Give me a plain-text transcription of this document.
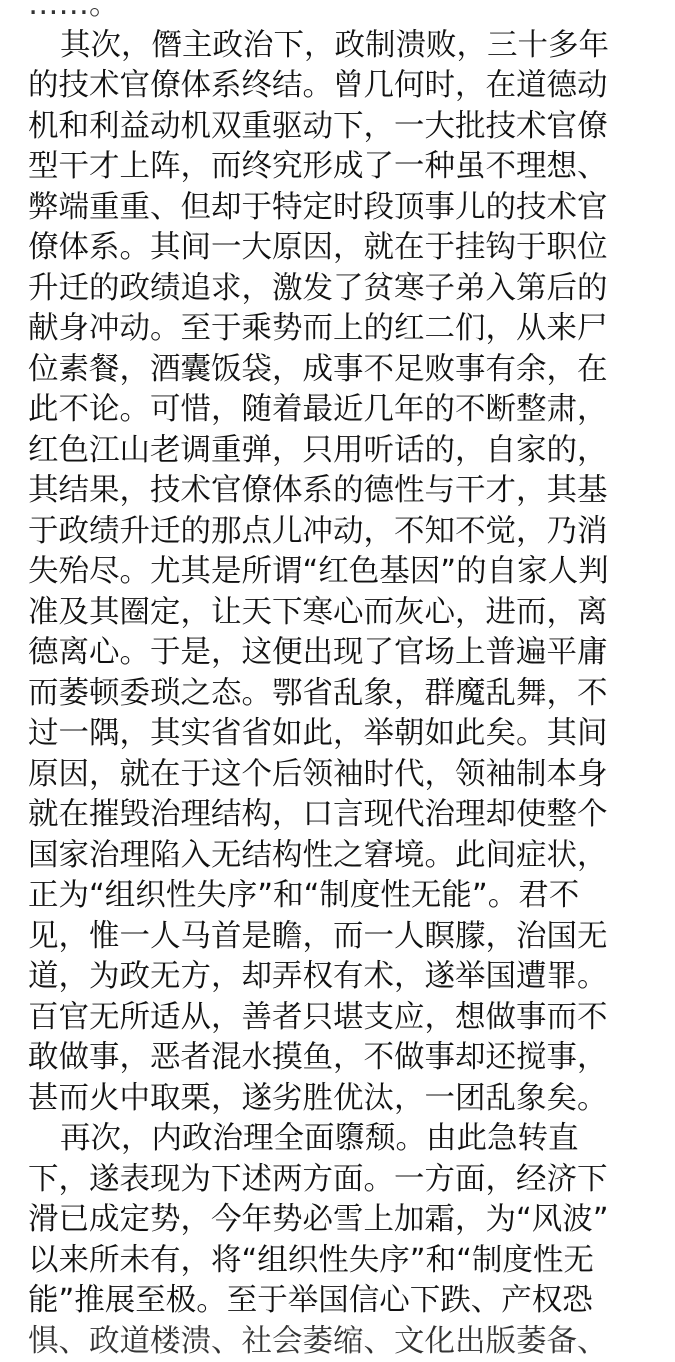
……。
其次，僭主政治下，政制溃败，三十多年
的技术官僚体系终结。曾几何时，在道德动
机和利益动机双重驱动下，一大批技术官僚
型干才上阵，而终究形成了一种虽不理想、
弊端重重、但却于特定时段顶事儿的技术官
僚体系。其间一大原因，就在于挂钩于职位
升迁的政绩追求，激发了贫寒子弟入第后的
献身冲动。至于乘势而上的红二们，从来尸
位素餐，酒囊饭袋，成事不足败事有余，在
此不论。可惜，随着最近几年的不断整肃，
红色江山老调重弹，只用听话的，自家的，
其结果，技术官僚体系的德性与干才，其基
于政绩升迁的那点儿冲动，不知不觉，乃消
失殆尽。尤其是所谓“红色基因”的自家人判
准及其圈定，让天下寒心而灰心，进而，离
德离心。于是，这便出现了官场上普遍平庸
而萎顿委琐之态。鄂省乱象，群魔乱舞，不
过一隅，其实省省如此，举朝如此矣。其间
原因，就在于这个后领袖时代，领袖制本身
就在摧毁治理结构，口言现代治理却使整个
国家治理陷入无结构性之窘境。此间症状，
正为“组织性失序”和“制度性无能”。君不
见，惟一人马首是瞻，而一人瞑朦，治国无
道，为政无方，却弄权有术，遂举国遭罪。
百官无所适从，善者只堪支应，想做事而不
敢做事，恶者混水摸鱼，不做事却还搅事，
甚而火中取栗，遂劣胜优汰，一团乱象矣。
再次，内政治理全面隳颓。由此急转直
下，遂表现为下述两方面。一方面，经济下
滑已成定势，今年势必雪上加霜，为“风波”
以来所未有，将“组织性失序”和“制度性无
能”推展至极。至于举国信心下跌、产权恐
惧、政道楼溃、社会萎缩、文化出版萎备、
